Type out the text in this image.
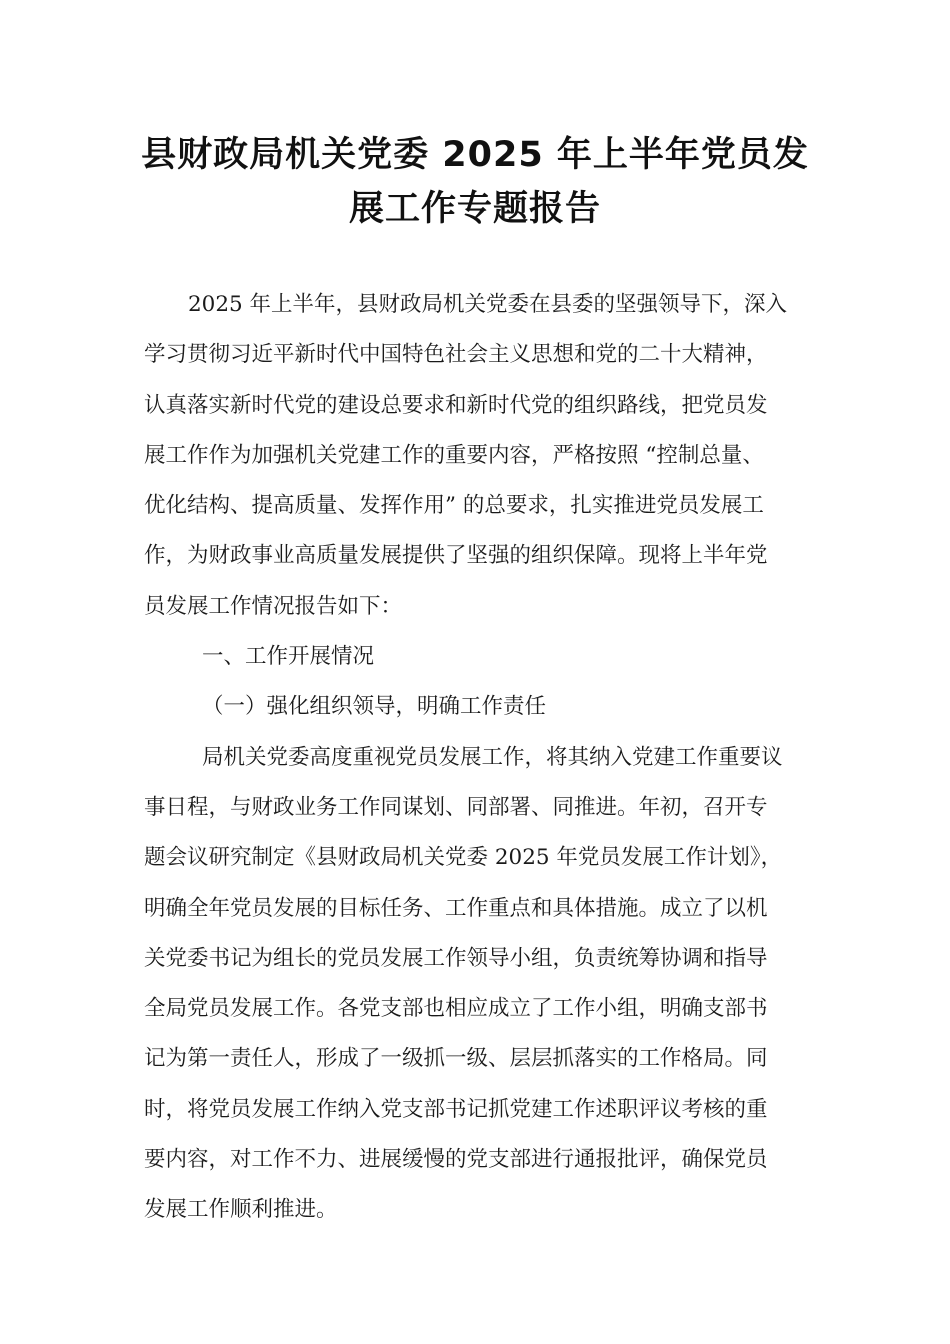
县财政局机关党委 2025 年上半年党员发
展工作专题报告
2025 年上半年，县财政局机关党委在县委的坚强领导下，深入
学习贯彻习近平新时代中国特色社会主义思想和党的二十大精神，
认真落实新时代党的建设总要求和新时代党的组织路线，把党员发
展工作作为加强机关党建工作的重要内容，严格按照 “控制总量、
优化结构、提高质量、发挥作用” 的总要求，扎实推进党员发展工
作，为财政事业高质量发展提供了坚强的组织保障。现将上半年党
员发展工作情况报告如下：
一、工作开展情况
（一）强化组织领导，明确工作责任
局机关党委高度重视党员发展工作，将其纳入党建工作重要议
事日程，与财政业务工作同谋划、同部署、同推进。年初，召开专
题会议研究制定《县财政局机关党委 2025 年党员发展工作计划》，
明确全年党员发展的目标任务、工作重点和具体措施。成立了以机
关党委书记为组长的党员发展工作领导小组，负责统筹协调和指导
全局党员发展工作。各党支部也相应成立了工作小组，明确支部书
记为第一责任人，形成了一级抓一级、层层抓落实的工作格局。同
时，将党员发展工作纳入党支部书记抓党建工作述职评议考核的重
要内容，对工作不力、进展缓慢的党支部进行通报批评，确保党员
发展工作顺利推进。
